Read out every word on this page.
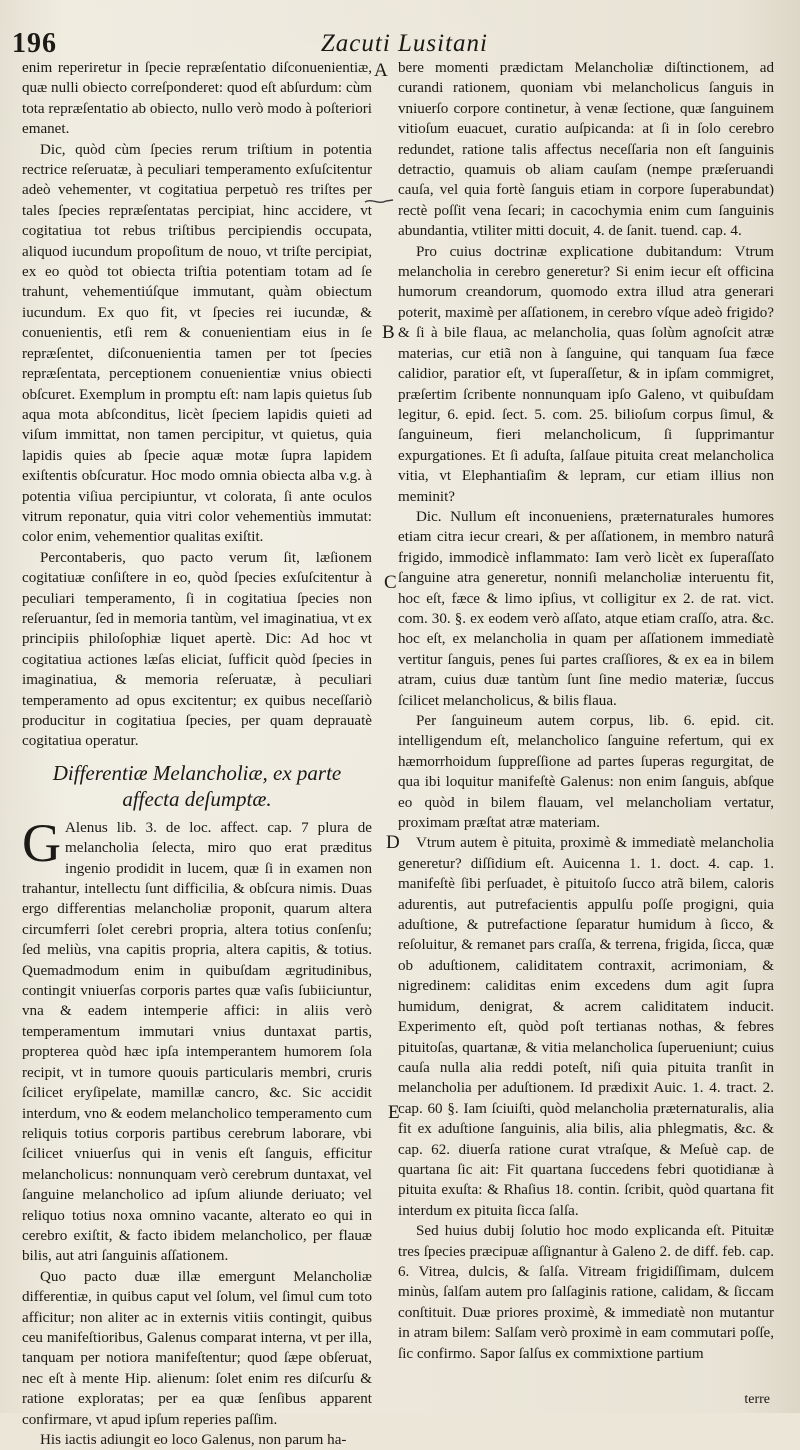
196	Zacuti Lusitani
A
B
C
D
E

enim reperiretur in ſpecie repræſentatio diſconuenientiæ, quæ nulli obiecto correſponderet: quod eſt abſurdum: cùm tota repræſentatio ab obiecto, nullo verò modo à poſteriori emanet.

Dic, quòd cùm ſpecies rerum triſtium in potentia rectrice reſeruatæ, à peculiari temperamento exſuſcitentur adeò vehementer, vt cogitatiua perpetuò res triſtes per tales ſpecies repræſentatas percipiat, hinc accidere, vt cogitatiua tot rebus triſtibus percipiendis occupata, aliquod iucundum propoſitum de nouo, vt triſte percipiat, ex eo quòd tot obiecta triſtia potentiam totam ad ſe trahunt, vehementiúſque immutant, quàm obiectum iucundum. Ex quo fit, vt ſpecies rei iucundæ, & conuenientis, etſi rem & conuenientiam eius in ſe repræſentet, diſconuenientia tamen per tot ſpecies repræſentata, perceptionem conuenientiæ vnius obiecti obſcuret. Exemplum in promptu eſt: nam lapis quietus ſub aqua mota abſconditus, licèt ſpeciem lapidis quieti ad viſum immittat, non tamen percipitur, vt quietus, quia lapidis quies ab ſpecie aquæ motæ ſupra lapidem exiſtentis obſcuratur. Hoc modo omnia obiecta alba v.g. à potentia viſiua percipiuntur, vt colorata, ſi ante oculos vitrum reponatur, quia vitri color vehementiùs immutat: color enim, vehementior qualitas exiſtit.

Percontaberis, quo pacto verum ſit, læſionem cogitatiuæ conſiſtere in eo, quòd ſpecies exſuſcitentur à peculiari temperamento, ſi in cogitatiua ſpecies non reſeruantur, ſed in memoria tantùm, vel imaginatiua, vt ex principiis philoſophiæ liquet apertè. Dic: Ad hoc vt cogitatiua actiones læſas eliciat, ſufficit quòd ſpecies in imaginatiua, & memoria reſeruatæ, à peculiari temperamento ad opus excitentur; ex quibus neceſſariò producitur in cogitatiua ſpecies, per quam deprauatè cogitatiua operatur.

Differentiæ Melancholiæ, ex parte affecta deſumptæ.

G Alenus lib. 3. de loc. affect. cap. 7 plura de melancholia ſelecta, miro quo erat præditus ingenio prodidit in lucem, quæ ſi in examen non trahantur, intellectu ſunt difficilia, & obſcura nimis. Duas ergo differentias melancholiæ proponit, quarum altera circumferri ſolet cerebri propria, altera totius conſenſu; ſed meliùs, vna capitis propria, altera capitis, & totius. Quemadmodum enim in quibuſdam ægritudinibus, contingit vniuerſas corporis partes quæ vaſis ſubiiciuntur, vna & eadem intemperie affici: in aliis verò temperamentum immutari vnius duntaxat partis, propterea quòd hæc ipſa intemperantem humorem ſola recipit, vt in tumore quouis particularis membri, cruris ſcilicet eryſipelate, mamillæ cancro, &c. Sic accidit interdum, vno & eodem melancholico temperamento cum reliquis totius corporis partibus cerebrum laborare, vbi ſcilicet vniuerſus qui in venis eſt ſanguis, efficitur melancholicus: nonnunquam verò cerebrum duntaxat, vel ſanguine melancholico ad ipſum aliunde deriuato; vel reliquo totius noxa omnino vacante, alterato eo qui in cerebro exiſtit, & facto ibidem melancholico, per flauæ bilis, aut atri ſanguinis aſſationem.

Quo pacto duæ illæ emergunt Melancholiæ differentiæ, in quibus caput vel ſolum, vel ſimul cum toto afficitur; non aliter ac in externis vitiis contingit, quibus ceu manifeſtioribus, Galenus comparat interna, vt per illa, tanquam per notiora manifeſtentur; quod ſæpe obſeruat, nec eſt à mente Hip. alienum: ſolet enim res diſcurſu & ratione exploratas; per ea quæ ſenſibus apparent confirmare, vt apud ipſum reperies paſſim.

His iactis adiungit eo loco Galenus, non parum ha-

bere momenti prædictam Melancholiæ diſtinctionem, ad curandi rationem, quoniam vbi melancholicus ſanguis in vniuerſo corpore continetur, à venæ ſectione, quæ ſanguinem vitioſum euacuet, curatio auſpicanda: at ſi in ſolo cerebro redundet, ratione talis affectus neceſſaria non eſt ſanguinis detractio, quamuis ob aliam cauſam (nempe præſeruandi cauſa, vel quia fortè ſanguis etiam in corpore ſuperabundat) rectè poſſit vena ſecari; in cacochymia enim cum ſanguinis abundantia, vtiliter mitti docuit, 4. de ſanit. tuend. cap. 4.

Pro cuius doctrinæ explicatione dubitandum: Vtrum melancholia in cerebro generetur? Si enim iecur eſt officina humorum creandorum, quomodo extra illud atra generari poterit, maximè per aſſationem, in cerebro vſque adeò frigido? & ſi à bile flaua, ac melancholia, quas ſolùm agnoſcit atræ materias, cur etiã non à ſanguine, qui tanquam ſua fæce calidior, paratior eſt, vt ſuperaſſetur, & in ipſam commigret, præſertim ſcribente nonnunquam ipſo Galeno, vt quibuſdam legitur, 6. epid. ſect. 5. com. 25. bilioſum corpus ſimul, & ſanguineum, fieri melancholicum, ſi ſupprimantur expurgationes. Et ſi aduſta, ſalſaue pituita creat melancholica vitia, vt Elephantiaſim & lepram, cur etiam illius non meminit?

Dic. Nullum eſt inconueniens, præternaturales humores etiam citra iecur creari, & per aſſationem, in membro naturâ frigido, immodicè inflammato: Iam verò licèt ex ſuperaſſato ſanguine atra generetur, nonniſi melancholiæ interuentu fit, hoc eſt, fæce & limo ipſius, vt colligitur ex 2. de rat. vict. com. 30. §. ex eodem verò aſſato, atque etiam craſſo, atra. &c. hoc eſt, ex melancholia in quam per aſſationem immediatè vertitur ſanguis, penes ſui partes craſſiores, & ex ea in bilem atram, cuius duæ tantùm ſunt ſine medio materiæ, ſuccus ſcilicet melancholicus, & bilis flaua.

Per ſanguineum autem corpus, lib. 6. epid. cit. intelligendum eſt, melancholico ſanguine refertum, qui ex hæmorrhoidum ſuppreſſione ad partes ſuperas regurgitat, de qua ibi loquitur manifeſtè Galenus: non enim ſanguis, abſque eo quòd in bilem flauam, vel melancholiam vertatur, proximam præſtat atræ materiam.

Vtrum autem è pituita, proximè & immediatè melancholia generetur? diſſidium eſt. Auicenna 1. 1. doct. 4. cap. 1. manifeſtè ſibi perſuadet, è pituitoſo ſucco atrã bilem, caloris adurentis, aut putrefacientis appulſu poſſe progigni, quia aduſtione, & putrefactione ſeparatur humidum à ſicco, & reſoluitur, & remanet pars craſſa, & terrena, frigida, ſicca, quæ ob aduſtionem, caliditatem contraxit, acrimoniam, & nigredinem: caliditas enim excedens dum agit ſupra humidum, denigrat, & acrem caliditatem inducit. Experimento eſt, quòd poſt tertianas nothas, & febres pituitoſas, quartanæ, & vitia melancholica ſuperueniunt; cuius cauſa nulla alia reddi poteſt, niſi quia pituita tranſit in melancholia per aduſtionem. Id prædixit Auic. 1. 4. tract. 2. cap. 60 §. Iam ſciuiſti, quòd melancholia præternaturalis, alia fit ex aduſtione ſanguinis, alia bilis, alia phlegmatis, &c. & cap. 62. diuerſa ratione curat vtraſque, & Meſuè cap. de quartana ſic ait: Fit quartana ſuccedens febri quotidianæ à pituita exuſta: & Rhaſius 18. contin. ſcribit, quòd quartana fit interdum ex pituita ſicca ſalſa.

Sed huius dubij ſolutio hoc modo explicanda eſt. Pituitæ tres ſpecies præcipuæ aſſignantur à Galeno 2. de diff. feb. cap. 6. Vitrea, dulcis, & ſalſa. Vitream frigidiſſimam, dulcem minùs, ſalſam autem pro ſalſaginis ratione, calidam, & ſiccam conſtituit. Duæ priores proximè, & immediatè non mutantur in atram bilem: Salſam verò proximè in eam commutari poſſe, ſic confirmo. Sapor ſalſus ex commixtione partium

terre
